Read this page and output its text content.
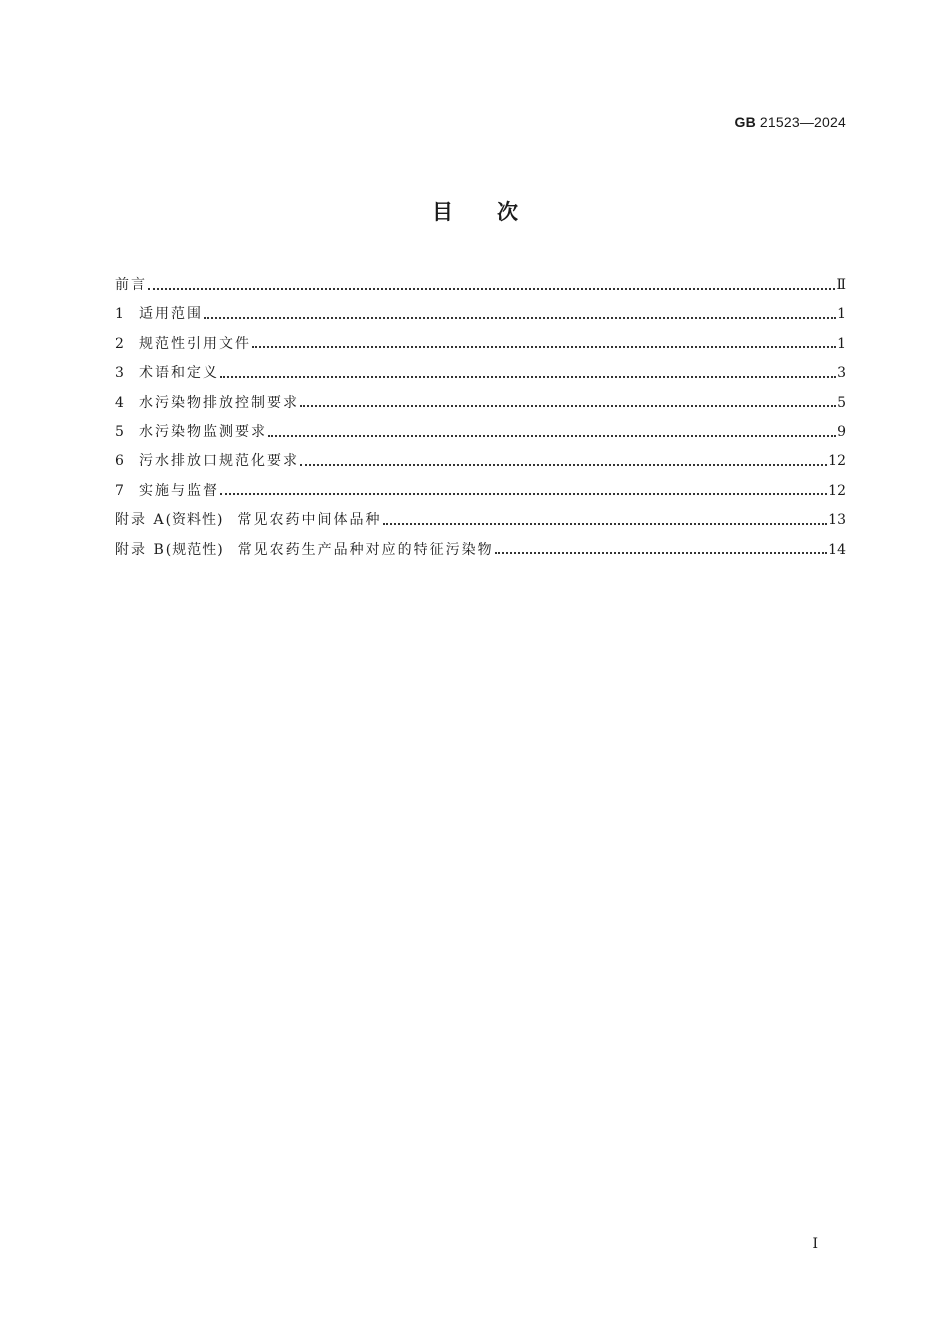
GB 21523—2024
目次
前言	Ⅱ
1	适用范围	1
2	规范性引用文件	1
3	术语和定义	3
4	水污染物排放控制要求	5
5	水污染物监测要求	9
6	污水排放口规范化要求	12
7	实施与监督	12
附录 A (资料性) 常见农药中间体品种	13
附录 B (规范性) 常见农药生产品种对应的特征污染物	14
Ⅰ
